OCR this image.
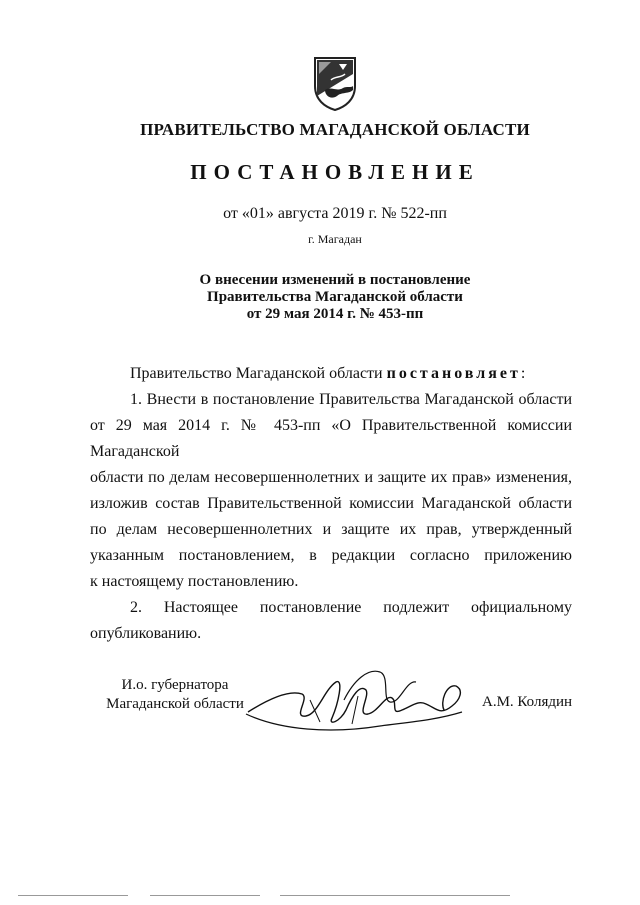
ПРАВИТЕЛЬСТВО МАГАДАНСКОЙ ОБЛАСТИ
ПОСТАНОВЛЕНИЕ
от «01» августа 2019 г. № 522-пп
г. Магадан
О внесении изменений в постановление
Правительства Магаданской области
от 29 мая 2014 г. № 453-пп

Правительство Магаданской области постановляет:

1. Внести в постановление Правительства Магаданской области
от 29 мая 2014 г. № 453-пп «О Правительственной комиссии Магаданской
области по делам несовершеннолетних и защите их прав» изменения,
изложив состав Правительственной комиссии Магаданской области
по делам несовершеннолетних и защите их прав, утвержденный
указанным постановлением, в редакции согласно приложению
к настоящему постановлению.

2. Настоящее постановление подлежит официальному
опубликованию.

И.о. губернатора
Магаданской области	А.М. Колядин
